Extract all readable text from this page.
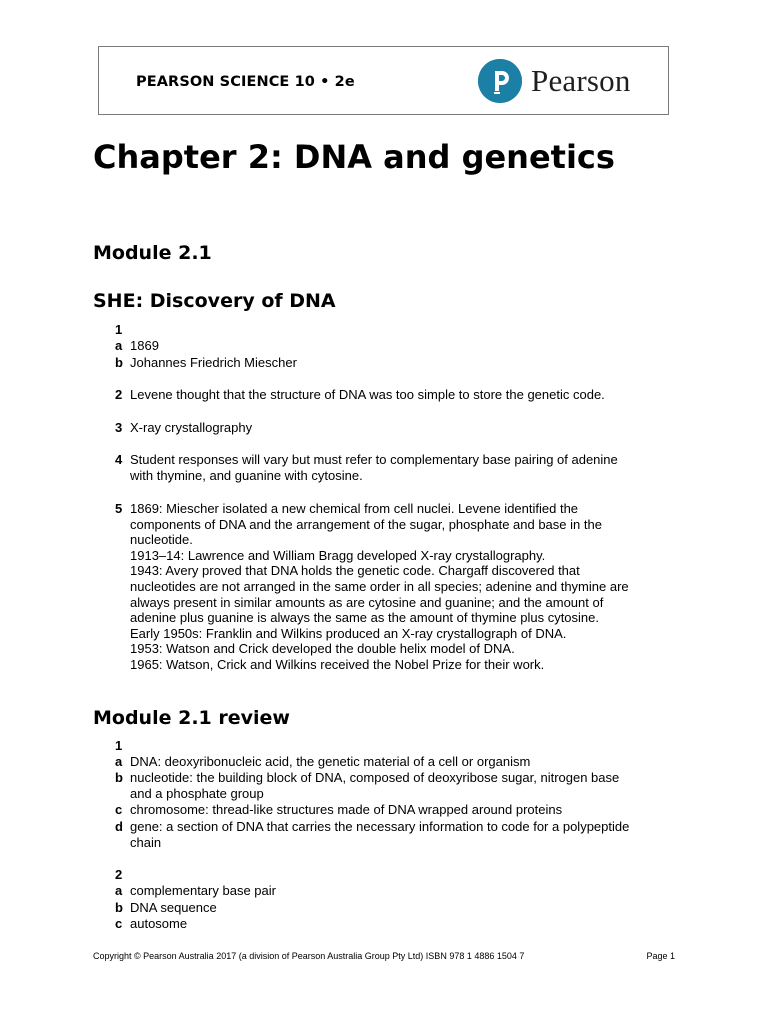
PEARSON SCIENCE 10 • 2e	Pearson
Chapter 2: DNA and genetics
Module 2.1
SHE: Discovery of DNA
1
a 1869
b Johannes Friedrich Miescher
2 Levene thought that the structure of DNA was too simple to store the genetic code.
3 X-ray crystallography
4 Student responses will vary but must refer to complementary base pairing of adenine
with thymine, and guanine with cytosine.
5 1869: Miescher isolated a new chemical from cell nuclei. Levene identified the
components of DNA and the arrangement of the sugar, phosphate and base in the
nucleotide.
1913–14: Lawrence and William Bragg developed X-ray crystallography.
1943: Avery proved that DNA holds the genetic code. Chargaff discovered that
nucleotides are not arranged in the same order in all species; adenine and thymine are
always present in similar amounts as are cytosine and guanine; and the amount of
adenine plus guanine is always the same as the amount of thymine plus cytosine.
Early 1950s: Franklin and Wilkins produced an X-ray crystallograph of DNA.
1953: Watson and Crick developed the double helix model of DNA.
1965: Watson, Crick and Wilkins received the Nobel Prize for their work.
Module 2.1 review
1
a DNA: deoxyribonucleic acid, the genetic material of a cell or organism
b nucleotide: the building block of DNA, composed of deoxyribose sugar, nitrogen base
and a phosphate group
c chromosome: thread-like structures made of DNA wrapped around proteins
d gene: a section of DNA that carries the necessary information to code for a polypeptide
chain
2
a complementary base pair
b DNA sequence
c autosome
Copyright © Pearson Australia 2017 (a division of Pearson Australia Group Pty Ltd) ISBN 978 1 4886 1504 7	Page 1
